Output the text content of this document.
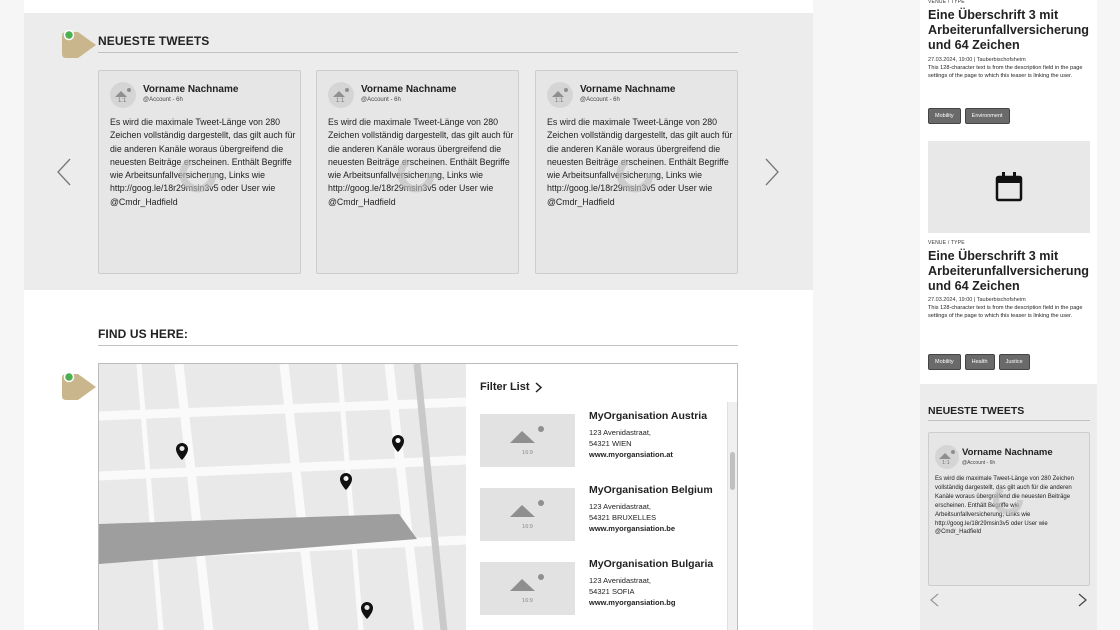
NEUESTE TWEETS
1:1
Vorname Nachname
@Account - 6h
Es wird die maximale Tweet-Länge von 280 Zeichen vollständig dargestellt, das gilt auch für die anderen Kanäle woraus übergreifend die neuesten Beiträge erscheinen. Enthält Begriffe wie Arbeitsunfallversicherung, Links wie http://goog.le/18r29msin3v5 oder User wie @Cmdr_Hadfield
1:1
Vorname Nachname
@Account - 6h
Es wird die maximale Tweet-Länge von 280 Zeichen vollständig dargestellt, das gilt auch für die anderen Kanäle woraus übergreifend die neuesten Beiträge erscheinen. Enthält Begriffe wie Arbeitsunfallversicherung, Links wie http://goog.le/18r29msin3v5 oder User wie @Cmdr_Hadfield
1:1
Vorname Nachname
@Account - 6h
Es wird die maximale Tweet-Länge von 280 Zeichen vollständig dargestellt, das gilt auch für die anderen Kanäle woraus übergreifend die neuesten Beiträge erscheinen. Enthält Begriffe wie Arbeitsunfallversicherung, Links wie http://goog.le/18r29msin3v5 oder User wie @Cmdr_Hadfield
FIND US HERE:
Filter List
16:9
MyOrganisation Austria
123 Avenidastraat,
54321 WIEN
www.myorgansiation.at
16:9
MyOrganisation Belgium
123 Avenidastraat,
54321 BRUXELLES
www.myorgansiation.be
16:9
MyOrganisation Bulgaria
123 Avenidastraat,
54321 SOFIA
www.myorgansiation.bg
VENUE / TYPE
Eine Überschrift 3 mit Arbeiterunfallversicherung und 64 Zeichen
27.03.2024, 19:00 | Tauberbischofsheim
This 128-character text is from the description field in the page settings of the page to which this teaser is linking the user.
Mobility	Environment
VENUE / TYPE
Eine Überschrift 3 mit Arbeiterunfallversicherung und 64 Zeichen
27.03.2024, 19:00 | Tauberbischofsheim
This 128-character text is from the description field in the page settings of the page to which this teaser is linking the user.
Mobility	Health	Justice
NEUESTE TWEETS
1:1
Vorname Nachname
@Account - 6h
Es wird die maximale Tweet-Länge von 280 Zeichen vollständig dargestellt, das gilt auch für die anderen Kanäle woraus übergreifend die neuesten Beiträge erscheinen. Enthält Begriffe wie Arbeitsunfallversicherung, Links wie http://goog.le/18r29msin3v5 oder User wie @Cmdr_Hadfield
